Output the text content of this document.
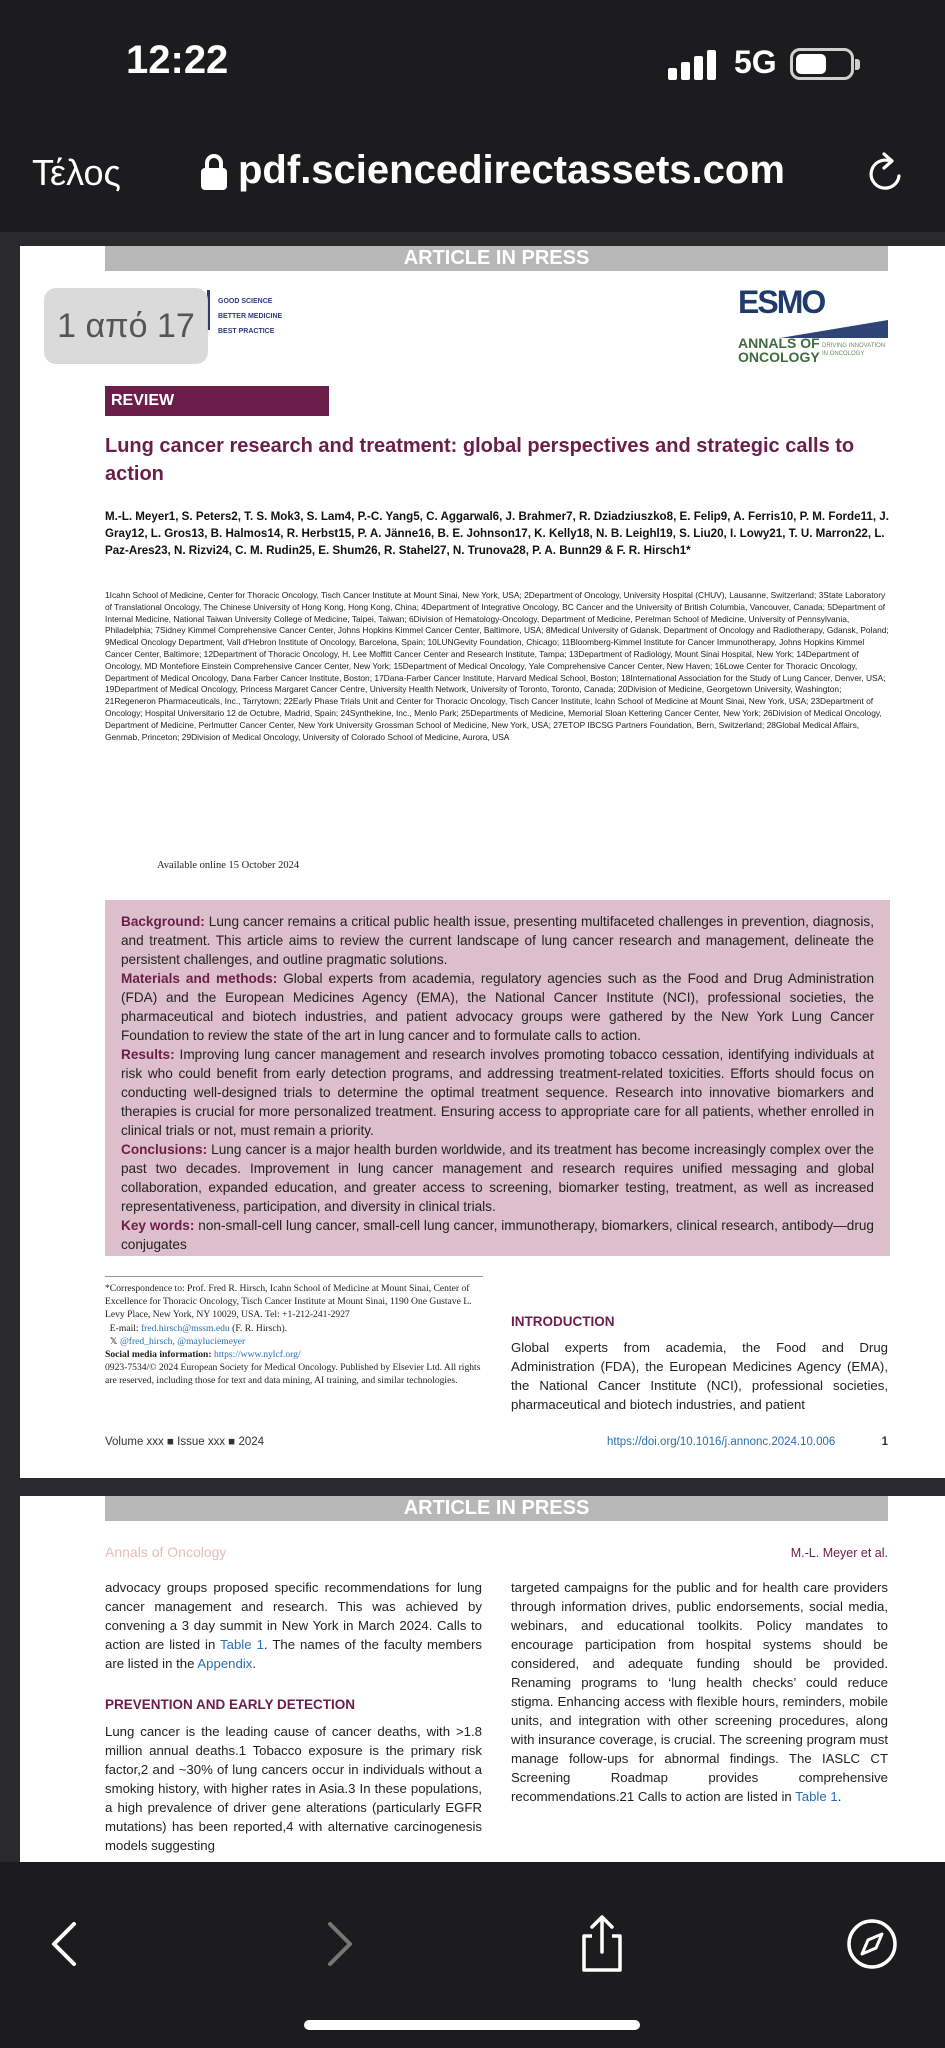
12:22	5G
Τέλος	pdf.sciencedirectassets.com
ARTICLE IN PRESS
GOOD SCIENCE
BETTER MEDICINE
BEST PRACTICE
ESMO
ANNALS OF
ONCOLOGY
DRIVING INNOVATION IN ONCOLOGY
REVIEW
Lung cancer research and treatment: global perspectives and strategic calls to action
M.-L. Meyer1, S. Peters2, T. S. Mok3, S. Lam4, P.-C. Yang5, C. Aggarwal6, J. Brahmer7, R. Dziadziuszko8, E. Felip9, A. Ferris10, P. M. Forde11, J. Gray12, L. Gros13, B. Halmos14, R. Herbst15, P. A. Jänne16, B. E. Johnson17, K. Kelly18, N. B. Leighl19, S. Liu20, I. Lowy21, T. U. Marron22, L. Paz-Ares23, N. Rizvi24, C. M. Rudin25, E. Shum26, R. Stahel27, N. Trunova28, P. A. Bunn29 & F. R. Hirsch1*
1Icahn School of Medicine, Center for Thoracic Oncology, Tisch Cancer Institute at Mount Sinai, New York, USA; 2Department of Oncology, University Hospital (CHUV), Lausanne, Switzerland; 3State Laboratory of Translational Oncology, The Chinese University of Hong Kong, Hong Kong, China; 4Department of Integrative Oncology, BC Cancer and the University of British Columbia, Vancouver, Canada; 5Department of Internal Medicine, National Taiwan University College of Medicine, Taipei, Taiwan; 6Division of Hematology-Oncology, Department of Medicine, Perelman School of Medicine, University of Pennsylvania, Philadelphia; 7Sidney Kimmel Comprehensive Cancer Center, Johns Hopkins Kimmel Cancer Center, Baltimore, USA; 8Medical University of Gdansk, Department of Oncology and Radiotherapy, Gdansk, Poland; 9Medical Oncology Department, Vall d'Hebron Institute of Oncology, Barcelona, Spain; 10LUNGevity Foundation, Chicago; 11Bloomberg-Kimmel Institute for Cancer Immunotherapy, Johns Hopkins Kimmel Cancer Center, Baltimore; 12Department of Thoracic Oncology, H. Lee Moffitt Cancer Center and Research Institute, Tampa; 13Department of Radiology, Mount Sinai Hospital, New York; 14Department of Oncology, MD Montefiore Einstein Comprehensive Cancer Center, New York; 15Department of Medical Oncology, Yale Comprehensive Cancer Center, New Haven; 16Lowe Center for Thoracic Oncology, Department of Medical Oncology, Dana Farber Cancer Institute, Boston; 17Dana-Farber Cancer Institute, Harvard Medical School, Boston; 18International Association for the Study of Lung Cancer, Denver, USA; 19Department of Medical Oncology, Princess Margaret Cancer Centre, University Health Network, University of Toronto, Toronto, Canada; 20Division of Medicine, Georgetown University, Washington; 21Regeneron Pharmaceuticals, Inc., Tarrytown; 22Early Phase Trials Unit and Center for Thoracic Oncology, Tisch Cancer Institute, Icahn School of Medicine at Mount Sinai, New York, USA; 23Department of Oncology; Hospital Universitario 12 de Octubre, Madrid, Spain; 24Synthekine, Inc., Menlo Park; 25Departments of Medicine, Memorial Sloan Kettering Cancer Center, New York; 26Division of Medical Oncology, Department of Medicine, Perlmutter Cancer Center, New York University Grossman School of Medicine, New York, USA; 27ETOP IBCSG Partners Foundation, Bern, Switzerland; 28Global Medical Affairs, Genmab, Princeton; 29Division of Medical Oncology, University of Colorado School of Medicine, Aurora, USA
Available online 15 October 2024
Background: Lung cancer remains a critical public health issue, presenting multifaceted challenges in prevention, diagnosis, and treatment. This article aims to review the current landscape of lung cancer research and management, delineate the persistent challenges, and outline pragmatic solutions.
Materials and methods: Global experts from academia, regulatory agencies such as the Food and Drug Administration (FDA) and the European Medicines Agency (EMA), the National Cancer Institute (NCI), professional societies, the pharmaceutical and biotech industries, and patient advocacy groups were gathered by the New York Lung Cancer Foundation to review the state of the art in lung cancer and to formulate calls to action.
Results: Improving lung cancer management and research involves promoting tobacco cessation, identifying individuals at risk who could benefit from early detection programs, and addressing treatment-related toxicities. Efforts should focus on conducting well-designed trials to determine the optimal treatment sequence. Research into innovative biomarkers and therapies is crucial for more personalized treatment. Ensuring access to appropriate care for all patients, whether enrolled in clinical trials or not, must remain a priority.
Conclusions: Lung cancer is a major health burden worldwide, and its treatment has become increasingly complex over the past two decades. Improvement in lung cancer management and research requires unified messaging and global collaboration, expanded education, and greater access to screening, biomarker testing, treatment, as well as increased representativeness, participation, and diversity in clinical trials.
Key words: non-small-cell lung cancer, small-cell lung cancer, immunotherapy, biomarkers, clinical research, antibody—drug conjugates
*Correspondence to: Prof. Fred R. Hirsch, Icahn School of Medicine at Mount Sinai, Center of Excellence for Thoracic Oncology, Tisch Cancer Institute at Mount Sinai, 1190 One Gustave L. Levy Place, New York, NY 10029, USA. Tel: +1-212-241-2927
E-mail: fred.hirsch@mssm.edu (F. R. Hirsch).
𝕏 @fred_hirsch, @mayluciemeyer
Social media information: https://www.nylcf.org/
0923-7534/© 2024 European Society for Medical Oncology. Published by Elsevier Ltd. All rights are reserved, including those for text and data mining, AI training, and similar technologies.
INTRODUCTION
Global experts from academia, the Food and Drug Administration (FDA), the European Medicines Agency (EMA), the National Cancer Institute (NCI), professional societies, pharmaceutical and biotech industries, and patient
Volume xxx ■ Issue xxx ■ 2024	https://doi.org/10.1016/j.annonc.2024.10.006	1
1 από 17
ARTICLE IN PRESS
Annals of Oncology	M.-L. Meyer et al.

advocacy groups proposed specific recommendations for lung cancer management and research. This was achieved by convening a 3 day summit in New York in March 2024. Calls to action are listed in Table 1. The names of the faculty members are listed in the Appendix.

PREVENTION AND EARLY DETECTION

Lung cancer is the leading cause of cancer deaths, with >1.8 million annual deaths.1 Tobacco exposure is the primary risk factor,2 and ~30% of lung cancers occur in individuals without a smoking history, with higher rates in Asia.3 In these populations, a high prevalence of driver gene alterations (particularly EGFR mutations) has been reported,4 with alternative carcinogenesis models suggesting

targeted campaigns for the public and for health care providers through information drives, public endorsements, social media, webinars, and educational toolkits. Policy mandates to encourage participation from hospital systems should be considered, and adequate funding should be provided. Renaming programs to ‘lung health checks’ could reduce stigma. Enhancing access with flexible hours, reminders, mobile units, and integration with other screening procedures, along with insurance coverage, is crucial. The screening program must manage follow-ups for abnormal findings. The IASLC CT Screening Roadmap provides comprehensive recommendations.21 Calls to action are listed in Table 1.
